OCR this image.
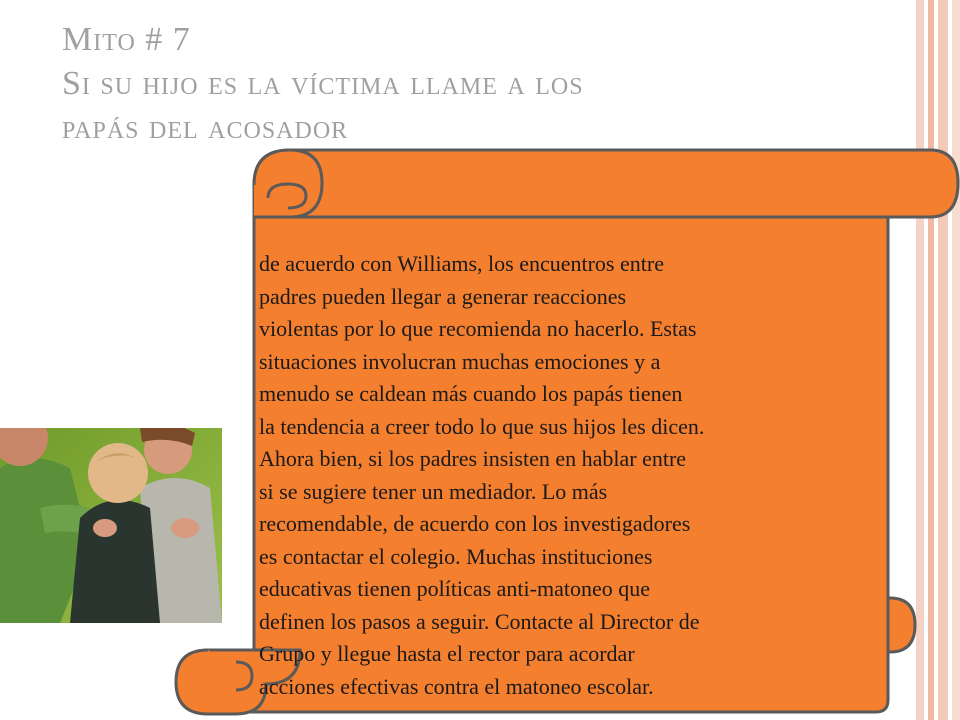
Mito # 7
Si su hijo es la víctima llame a los
papás del acosador
de acuerdo con Williams, los encuentros entre
padres pueden llegar a generar reacciones
violentas por lo que recomienda no hacerlo. Estas
situaciones involucran muchas emociones y a
menudo se caldean más cuando los papás tienen
la tendencia a creer todo lo que sus hijos les dicen.
Ahora bien, si los padres insisten en hablar entre
si se sugiere tener un mediador. Lo más
recomendable, de acuerdo con los investigadores
es contactar el colegio. Muchas instituciones
educativas tienen políticas anti-matoneo que
definen los pasos a seguir. Contacte al Director de
Grupo y llegue hasta el rector para acordar
acciones efectivas contra el matoneo escolar.
